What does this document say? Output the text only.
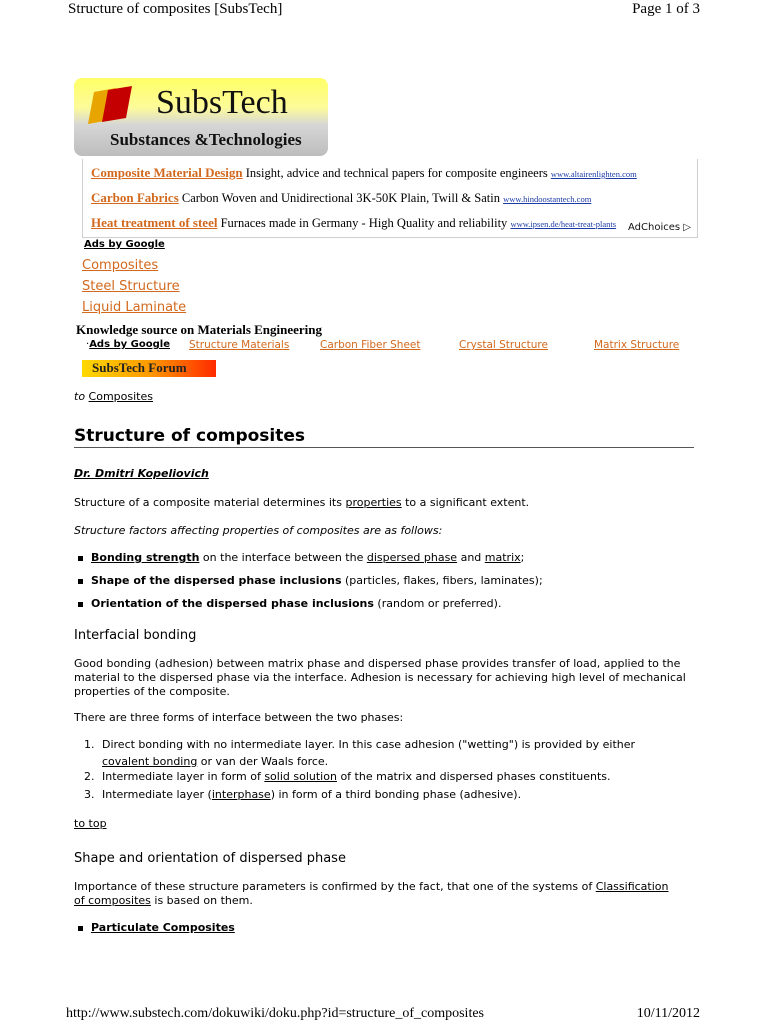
Structure of composites [SubsTech]	Page 1 of 3
SubsTech
Substances &Technologies
Composite Material Design Insight, advice and technical papers for composite engineers www.altairenlighten.com
Carbon Fabrics Carbon Woven and Unidirectional 3K-50K Plain, Twill & Satin www.hindoostantech.com
Heat treatment of steel Furnaces made in Germany - High Quality and reliability www.ipsen.de/heat-treat-plants AdChoices ▷
Ads by Google
Composites
Steel Structure
Liquid Laminate
Knowledge source on Materials Engineering
·Ads by Google Structure Materials	Carbon Fiber Sheet	Crystal Structure	Matrix Structure
SubsTech Forum
to Composites
Structure of composites
Dr. Dmitri Kopeliovich
Structure of a composite material determines its properties to a significant extent.
Structure factors affecting properties of composites are as follows:
Bonding strength on the interface between the dispersed phase and matrix;
Shape of the dispersed phase inclusions (particles, flakes, fibers, laminates);
Orientation of the dispersed phase inclusions (random or preferred).
Interfacial bonding
Good bonding (adhesion) between matrix phase and dispersed phase provides transfer of load, applied to the material to the dispersed phase via the interface. Adhesion is necessary for achieving high level of mechanical properties of the composite.
There are three forms of interface between the two phases:
1. Direct bonding with no intermediate layer. In this case adhesion ("wetting") is provided by either
covalent bonding or van der Waals force.
2. Intermediate layer in form of solid solution of the matrix and dispersed phases constituents.
3. Intermediate layer (interphase) in form of a third bonding phase (adhesive).
to top
Shape and orientation of dispersed phase
Importance of these structure parameters is confirmed by the fact, that one of the systems of Classification
of composites is based on them.
Particulate Composites
http://www.substech.com/dokuwiki/doku.php?id=structure_of_composites	10/11/2012
